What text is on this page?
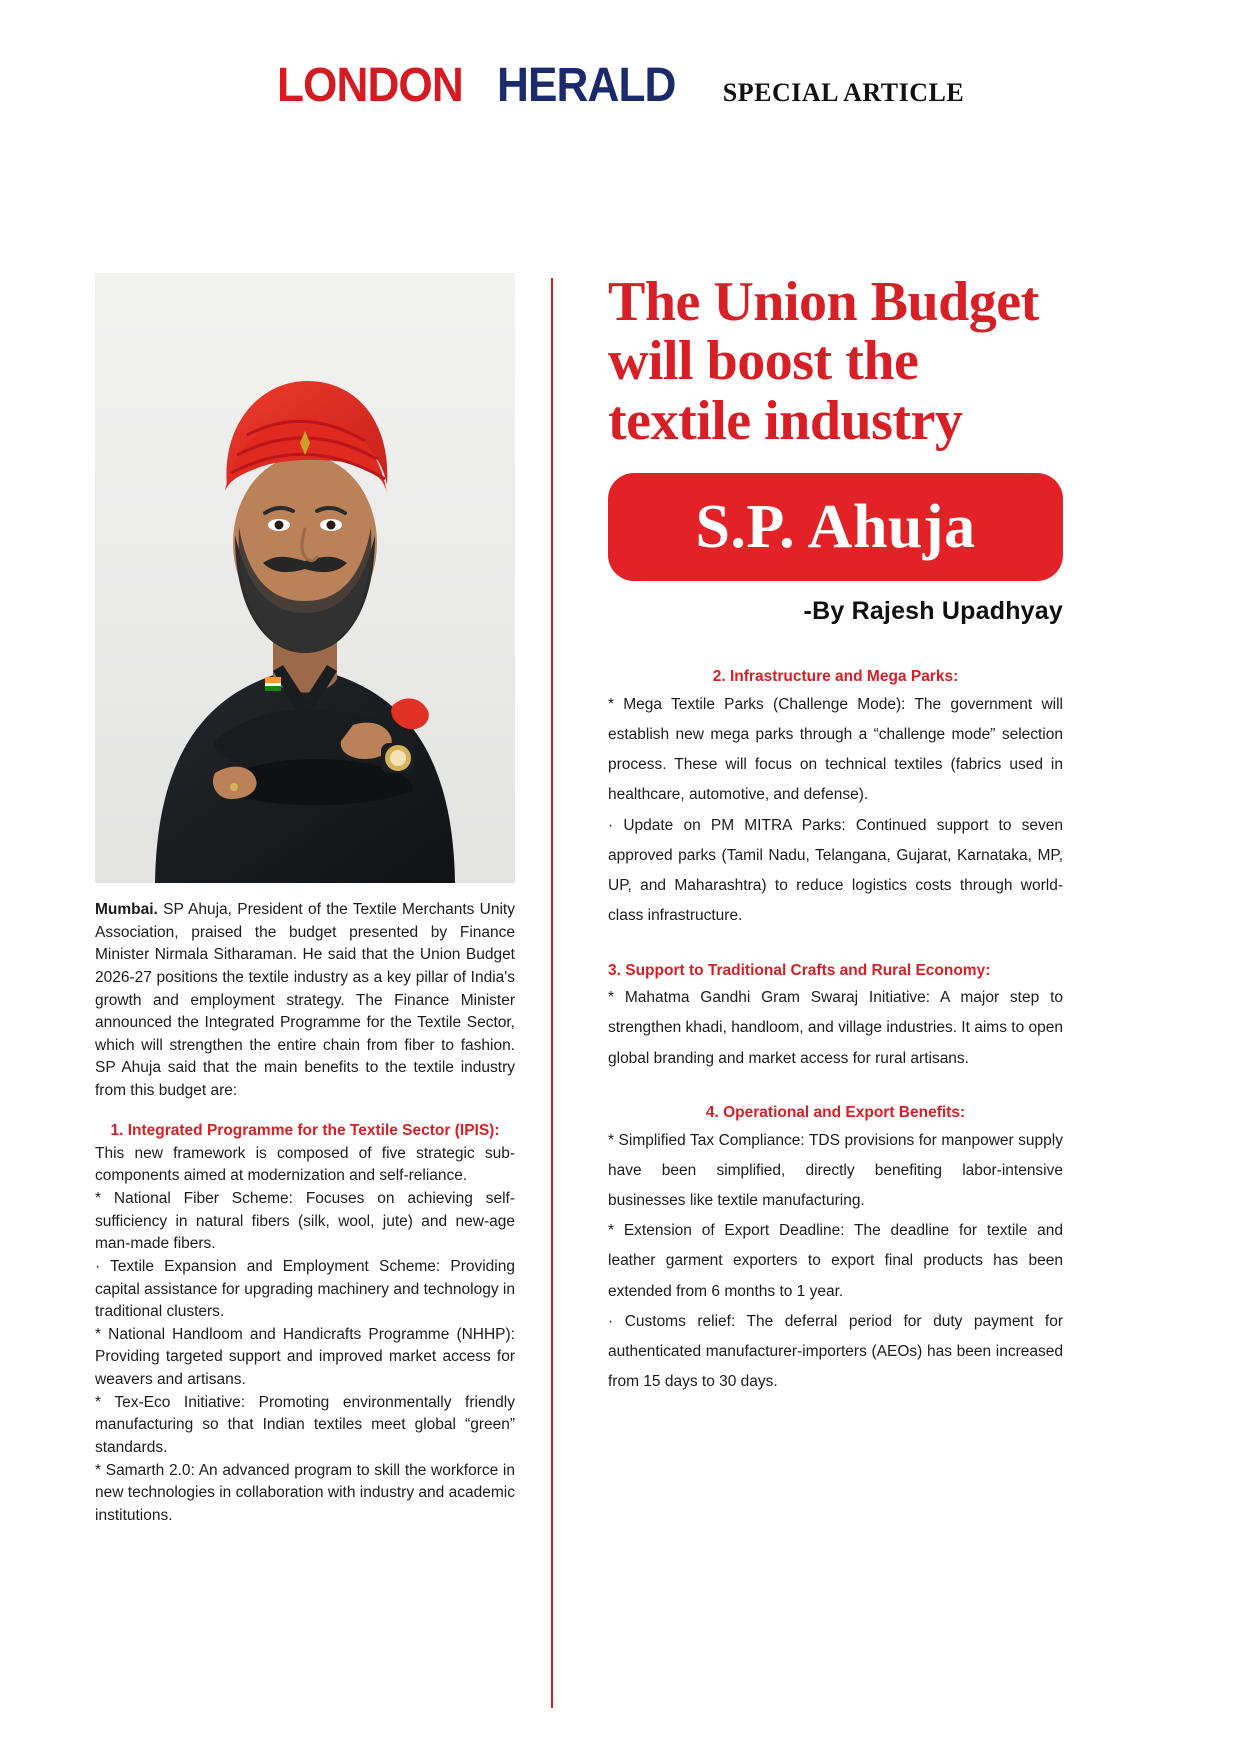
LONDON HERALD SPECIAL ARTICLE

Mumbai. SP Ahuja, President of the Textile Merchants Unity Association, praised the budget presented by Finance Minister Nirmala Sitharaman. He said that the Union Budget 2026-27 positions the textile industry as a key pillar of India's growth and employment strategy. The Finance Minister announced the Integrated Programme for the Textile Sector, which will strengthen the entire chain from fiber to fashion. SP Ahuja said that the main benefits to the textile industry from this budget are:

1. Integrated Programme for the Textile Sector (IPIS):

This new framework is composed of five strategic sub-components aimed at modernization and self-reliance.

* National Fiber Scheme: Focuses on achieving self-sufficiency in natural fibers (silk, wool, jute) and new-age man-made fibers.

· Textile Expansion and Employment Scheme: Providing capital assistance for upgrading machinery and technology in traditional clusters.

* National Handloom and Handicrafts Programme (NHHP): Providing targeted support and improved market access for weavers and artisans.

* Tex-Eco Initiative: Promoting environmentally friendly manufacturing so that Indian textiles meet global “green” standards.

* Samarth 2.0: An advanced program to skill the workforce in new technologies in collaboration with industry and academic institutions.

The Union Budget will boost the textile industry
S.P. Ahuja
-By Rajesh Upadhyay
2. Infrastructure and Mega Parks:

* Mega Textile Parks (Challenge Mode): The government will establish new mega parks through a “challenge mode” selection process. These will focus on technical textiles (fabrics used in healthcare, automotive, and defense).

· Update on PM MITRA Parks: Continued support to seven approved parks (Tamil Nadu, Telangana, Gujarat, Karnataka, MP, UP, and Maharashtra) to reduce logistics costs through world-class infrastructure.

3. Support to Traditional Crafts and Rural Economy:

* Mahatma Gandhi Gram Swaraj Initiative: A major step to strengthen khadi, handloom, and village industries. It aims to open global branding and market access for rural artisans.

4. Operational and Export Benefits:

* Simplified Tax Compliance: TDS provisions for manpower supply have been simplified, directly benefiting labor-intensive businesses like textile manufacturing.

* Extension of Export Deadline: The deadline for textile and leather garment exporters to export final products has been extended from 6 months to 1 year.

· Customs relief: The deferral period for duty payment for authenticated manufacturer-importers (AEOs) has been increased from 15 days to 30 days.
